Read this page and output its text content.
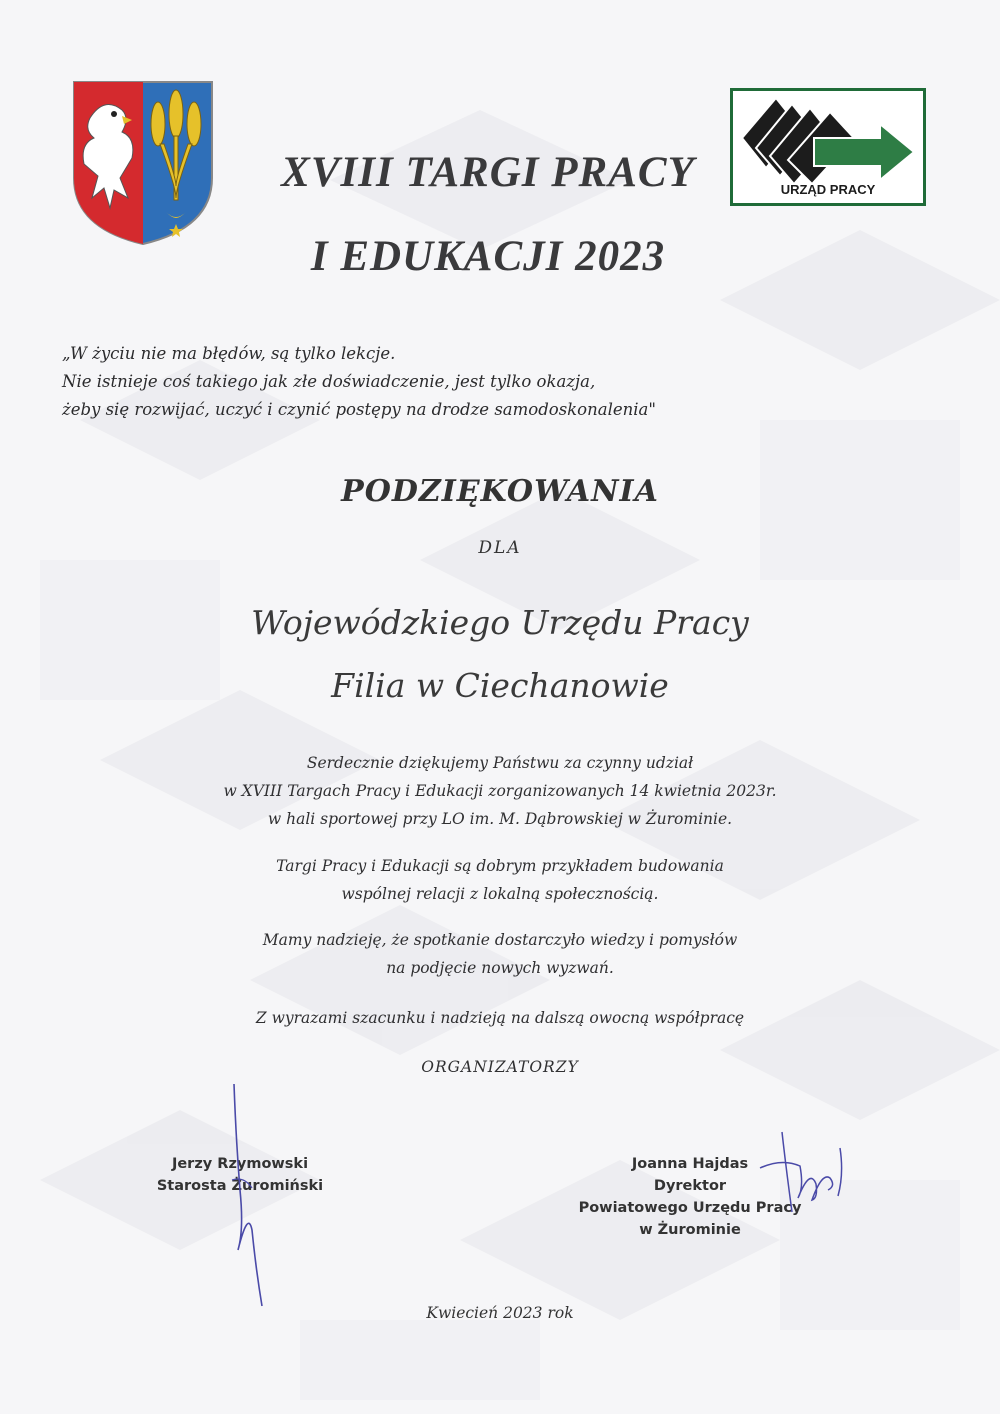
URZĄD PRACY
XVIII TARGI PRACY
I EDUKACJI 2023
„W życiu nie ma błędów, są tylko lekcje.
Nie istnieje coś takiego jak złe doświadczenie, jest tylko okazja,
żeby się rozwijać, uczyć i czynić postępy na drodze samodoskonalenia"
PODZIĘKOWANIA
DLA
Wojewódzkiego Urzędu Pracy
Filia w Ciechanowie
Serdecznie dziękujemy Państwu za czynny udział
w XVIII Targach Pracy i Edukacji zorganizowanych 14 kwietnia 2023r.
w hali sportowej przy LO im. M. Dąbrowskiej w Żurominie.
Targi Pracy i Edukacji są dobrym przykładem budowania
wspólnej relacji z lokalną społecznością.
Mamy nadzieję, że spotkanie dostarczyło wiedzy i pomysłów
na podjęcie nowych wyzwań.
Z wyrazami szacunku i nadzieją na dalszą owocną współpracę
ORGANIZATORZY
Jerzy Rzymowski
Starosta Żuromiński
Joanna Hajdas
Dyrektor
Powiatowego Urzędu Pracy
w Żurominie
Kwiecień 2023 rok
